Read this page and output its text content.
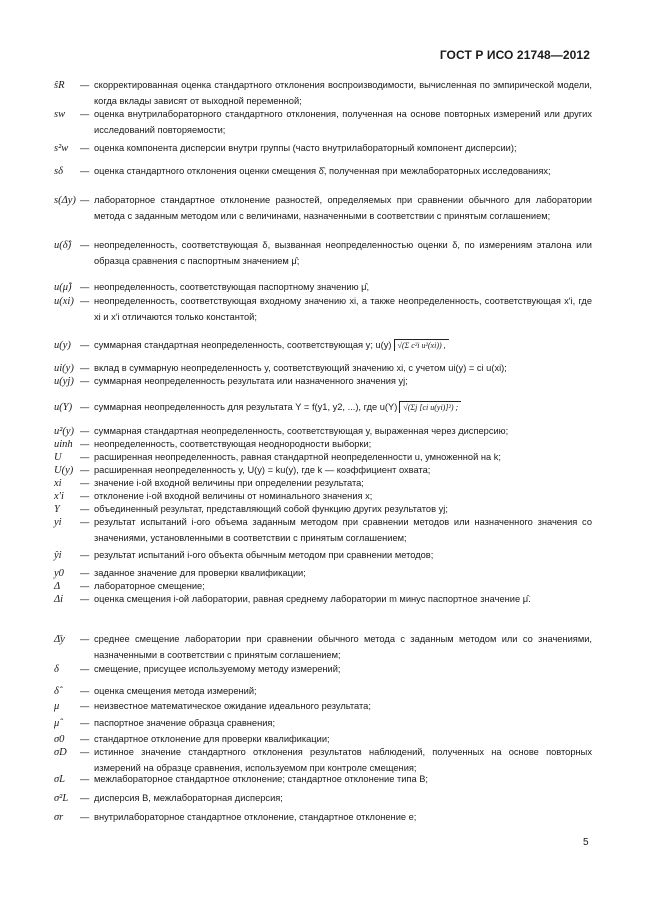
ГОСТ Р ИСО 21748—2012
ŝR	— скорректированная оценка стандартного отклонения воспроизводимости, вычисленная по эмпирической модели, когда вклады зависят от выходной переменной;
sw	— оценка внутрилабораторного стандартного отклонения, полученная на основе повторных измерений или других исследований повторяемости;
s²w	— оценка компонента дисперсии внутри группы (часто внутрилабораторный компонент дисперсии);
sδ	— оценка стандартного отклонения оценки смещения δ̂, полученная при межлабораторных исследованиях;
s(Δy) — лабораторное стандартное отклонение разностей, определяемых при сравнении обычного для лаборатории метода с заданным методом или с величинами, назначенными в соответствии с принятым соглашением;
u(δ̂) — неопределенность, соответствующая δ, вызванная неопределенностью оценки δ, по измерениям эталона или образца сравнения с паспортным значением μ̂;
u(μ̂) — неопределенность, соответствующая паспортному значению μ̂,
u(xi) — неопределенность, соответствующая входному значению xi, а также неопределенность, соответствующая x′i, где xi и x′i отличаются только константой;
u(y) — суммарная стандартная неопределенность, соответствующая y; u(y) √(Σ c²i u²(xi)) ,
ui(y) — вклад в суммарную неопределенность y, соответствующий значению xi, с учетом ui(y) = ci u(xi);
u(yj) — суммарная неопределенность результата или назначенного значения yj;
u(Y) — суммарная неопределенность для результата Y = f(y1, y2, ...), где u(Y) √(Σj [ci u(yi)]²) ;
u²(y) — суммарная стандартная неопределенность, соответствующая y, выраженная через дисперсию;
uinh — неопределенность, соответствующая неоднородности выборки;
U	— расширенная неопределенность, равная стандартной неопределенности u, умноженной на k;
U(y) — расширенная неопределенность y, U(y) = ku(y), где k — коэффициент охвата;
xi	— значение i-ой входной величины при определении результата;
x′i	— отклонение i-ой входной величины от номинального значения x;
Y	— объединенный результат, представляющий собой функцию других результатов yj;
yi	— результат испытаний i-ого объема заданным методом при сравнении методов или назначенного значения со значениями, установленными в соответствии с принятым соглашением;
ŷi	— результат испытаний i-ого объекта обычным методом при сравнении методов;
y0	— заданное значение для проверки квалификации;
Δ	— лабораторное смещение;
Δi	— оценка смещения i-ой лаборатории, равная среднему лаборатории m минус паспортное значение μ̂.
Δ̄y	— среднее смещение лаборатории при сравнении обычного метода с заданным методом или со значениями, назначенными в соответствии с принятым соглашением;
δ	— смещение, присущее используемому методу измерений;
δ̂	— оценка смещения метода измерений;
μ	— неизвестное математическое ожидание идеального результата;
μ̂	— паспортное значение образца сравнения;
σ0	— стандартное отклонение для проверки квалификации;
σD	— истинное значение стандартного отклонения результатов наблюдений, полученных на основе повторных измерений на образце сравнения, используемом при контроле смещения;
σL	— межлабораторное стандартное отклонение; стандартное отклонение типа B;
σ²L	— дисперсия B, межлабораторная дисперсия;
σr	— внутрилабораторное стандартное отклонение, стандартное отклонение e;
5
